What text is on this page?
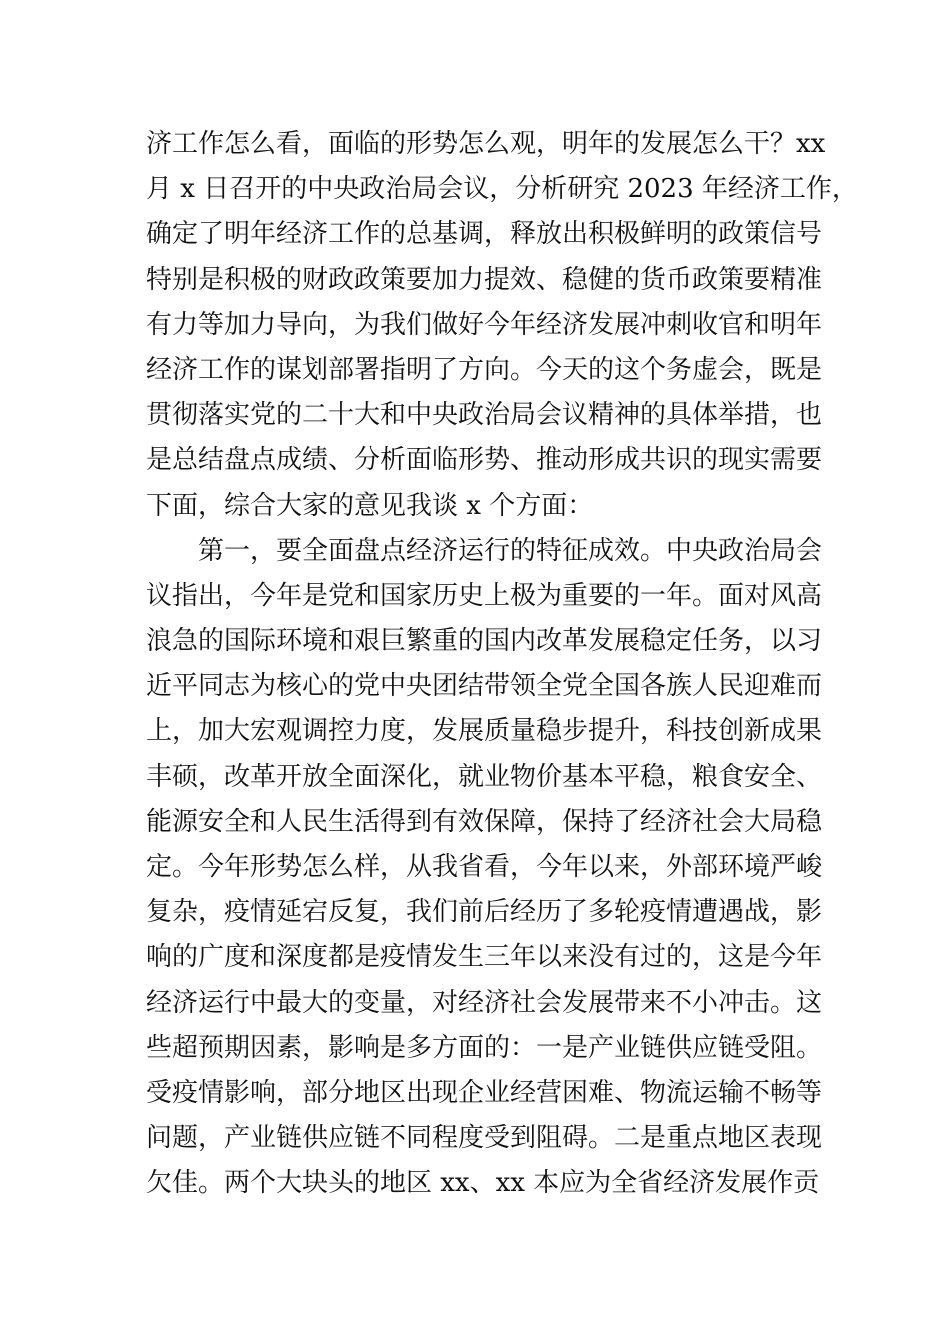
济工作怎么看，面临的形势怎么观，明年的发展怎么干？xx
月 x 日召开的中央政治局会议，分析研究 2023 年经济工作，
确定了明年经济工作的总基调，释放出积极鲜明的政策信号
特别是积极的财政政策要加力提效、稳健的货币政策要精准
有力等加力导向，为我们做好今年经济发展冲刺收官和明年
经济工作的谋划部署指明了方向。今天的这个务虚会，既是
贯彻落实党的二十大和中央政治局会议精神的具体举措，也
是总结盘点成绩、分析面临形势、推动形成共识的现实需要
下面，综合大家的意见我谈 x 个方面：
　　第一，要全面盘点经济运行的特征成效。中央政治局会
议指出，今年是党和国家历史上极为重要的一年。面对风高
浪急的国际环境和艰巨繁重的国内改革发展稳定任务，以习
近平同志为核心的党中央团结带领全党全国各族人民迎难而
上，加大宏观调控力度，发展质量稳步提升，科技创新成果
丰硕，改革开放全面深化，就业物价基本平稳，粮食安全、
能源安全和人民生活得到有效保障，保持了经济社会大局稳
定。今年形势怎么样，从我省看，今年以来，外部环境严峻
复杂，疫情延宕反复，我们前后经历了多轮疫情遭遇战，影
响的广度和深度都是疫情发生三年以来没有过的，这是今年
经济运行中最大的变量，对经济社会发展带来不小冲击。这
些超预期因素，影响是多方面的：一是产业链供应链受阻。
受疫情影响，部分地区出现企业经营困难、物流运输不畅等
问题，产业链供应链不同程度受到阻碍。二是重点地区表现
欠佳。两个大块头的地区 xx、xx 本应为全省经济发展作贡
